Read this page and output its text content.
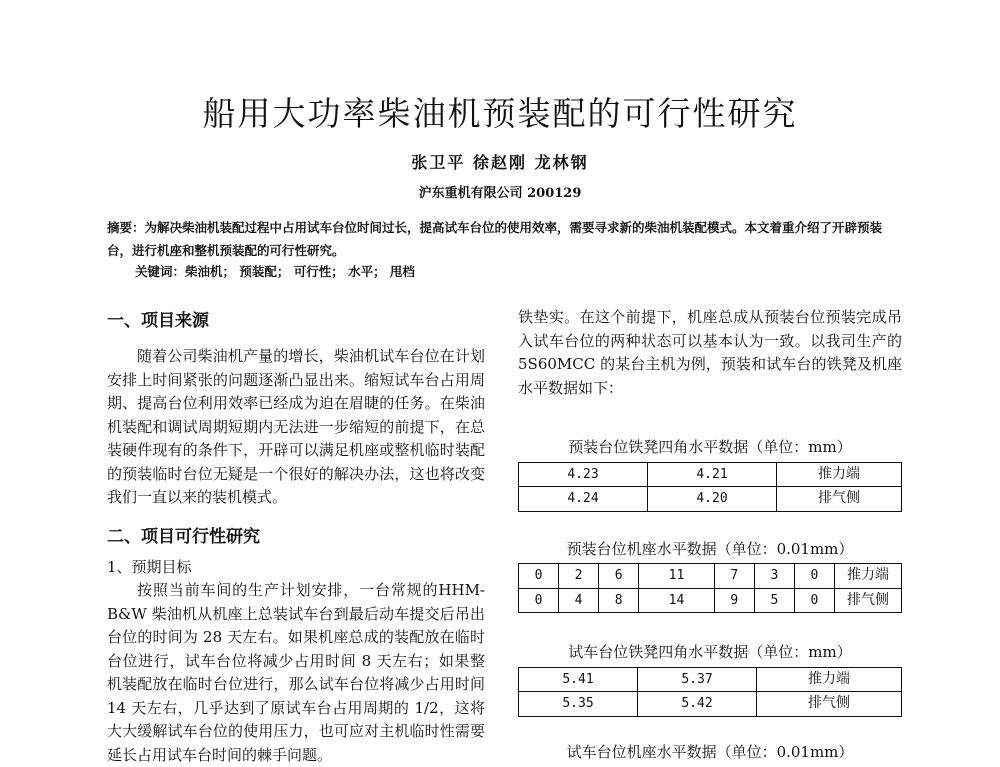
船用大功率柴油机预装配的可行性研究
张卫平 徐赵刚 龙林钢
沪东重机有限公司 200129
摘要：为解决柴油机装配过程中占用试车台位时间过长，提高试车台位的使用效率，需要寻求新的柴油机装配模式。本文着重介绍了开辟预装台，进行机座和整机预装配的可行性研究。
关键词：柴油机； 预装配； 可行性； 水平； 甩档
一、项目来源

随着公司柴油机产量的增长，柴油机试车台位在计划安排上时间紧张的问题逐渐凸显出来。缩短试车台占用周期、提高台位利用效率已经成为迫在眉睫的任务。在柴油机装配和调试周期短期内无法进一步缩短的前提下，在总装硬件现有的条件下，开辟可以满足机座或整机临时装配的预装临时台位无疑是一个很好的解决办法，这也将改变我们一直以来的装机模式。

二、项目可行性研究

1、预期目标

按照当前车间的生产计划安排，一台常规的HHM-B&W 柴油机从机座上总装试车台到最后动车提交后吊出台位的时间为 28 天左右。如果机座总成的装配放在临时台位进行，试车台位将减少占用时间 8 天左右；如果整机装配放在临时台位进行，那么试车台位将减少占用时间 14 天左右，几乎达到了原试车台占用周期的 1/2，这将大大缓解试车台位的使用压力，也可应对主机临时性需要延长占用试车台时间的棘手问题。

铁垫实。在这个前提下，机座总成从预装台位预装完成吊入试车台位的两种状态可以基本认为一致。以我司生产的 5S60MCC 的某台主机为例，预装和试车台的铁凳及机座水平数据如下：

预装台位铁凳四角水平数据（单位：mm）

4.23	4.21	推力端
4.24	4.20	排气侧

预装台位机座水平数据（单位：0.01mm）

0	2	6	11	7	3	0	推力端
0	4	8	14	9	5	0	排气侧

试车台位铁凳四角水平数据（单位：mm）

5.41	5.37	推力端
5.35	5.42	排气侧

试车台位机座水平数据（单位：0.01mm）
